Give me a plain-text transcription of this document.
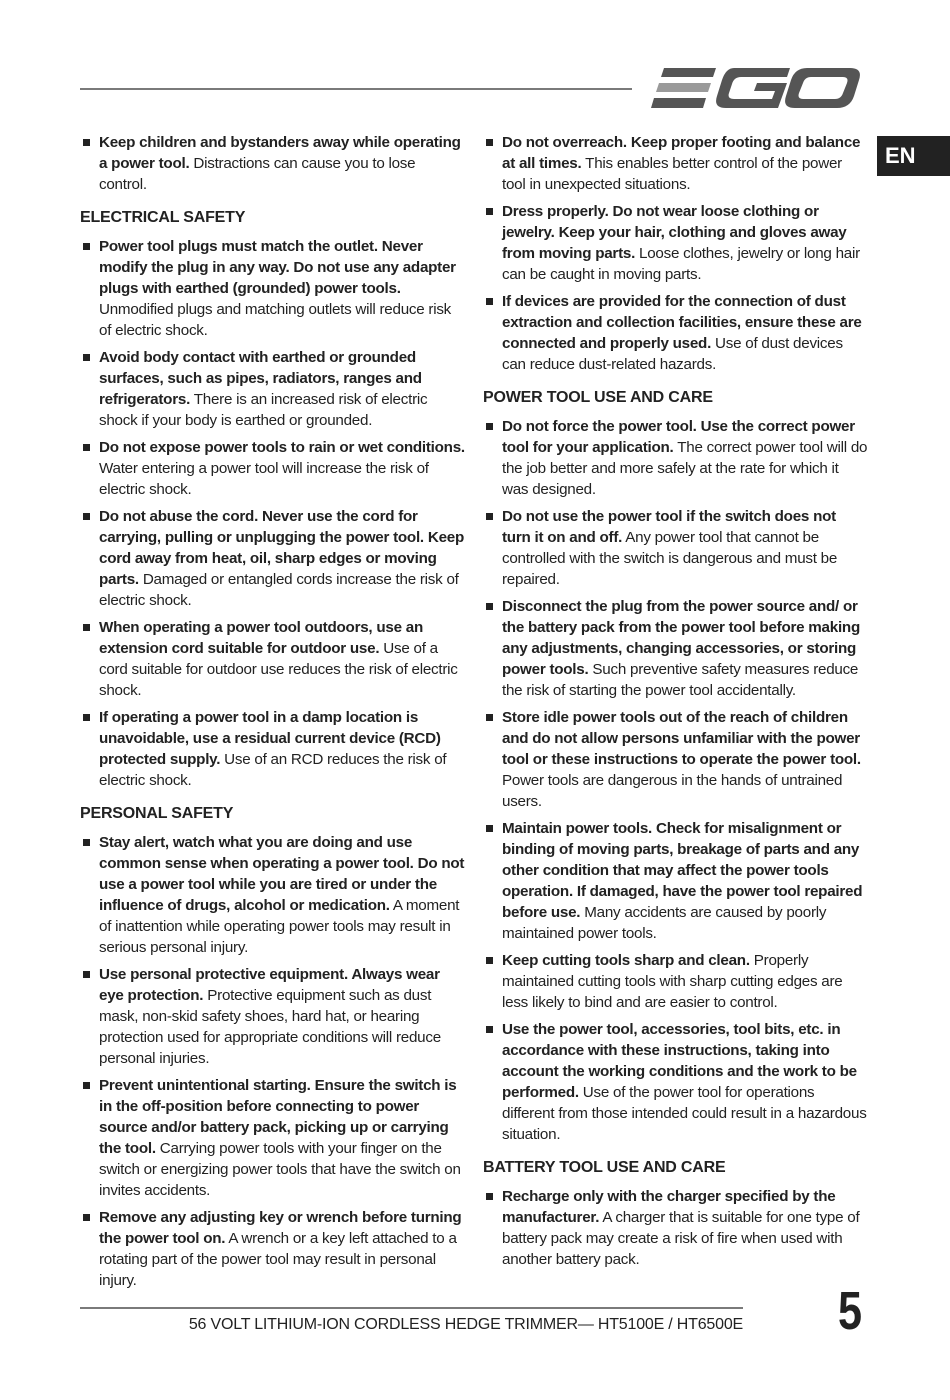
EN
Keep children and bystanders away while operating a power tool. Distractions can cause you to lose control.
ELECTRICAL SAFETY
Power tool plugs must match the outlet. Never modify the plug in any way. Do not use any adapter plugs with earthed (grounded) power tools. Unmodified plugs and matching outlets will reduce risk of electric shock.
Avoid body contact with earthed or grounded surfaces, such as pipes, radiators, ranges and refrigerators. There is an increased risk of electric shock if your body is earthed or grounded.
Do not expose power tools to rain or wet conditions. Water entering a power tool will increase the risk of electric shock.
Do not abuse the cord. Never use the cord for carrying, pulling or unplugging the power tool. Keep cord away from heat, oil, sharp edges or moving parts. Damaged or entangled cords increase the risk of electric shock.
When operating a power tool outdoors, use an extension cord suitable for outdoor use. Use of a cord suitable for outdoor use reduces the risk of electric shock.
If operating a power tool in a damp location is unavoidable, use a residual current device (RCD) protected supply. Use of an RCD reduces the risk of electric shock.
PERSONAL SAFETY
Stay alert, watch what you are doing and use common sense when operating a power tool. Do not use a power tool while you are tired or under the influence of drugs, alcohol or medication. A moment of inattention while operating power tools may result in serious personal injury.
Use personal protective equipment. Always wear eye protection. Protective equipment such as dust mask, non-skid safety shoes, hard hat, or hearing protection used for appropriate conditions will reduce personal injuries.
Prevent unintentional starting. Ensure the switch is in the off-position before connecting to power source and/or battery pack, picking up or carrying the tool. Carrying power tools with your finger on the switch or energizing power tools that have the switch on invites accidents.
Remove any adjusting key or wrench before turning the power tool on. A wrench or a key left attached to a rotating part of the power tool may result in personal injury.
Do not overreach. Keep proper footing and balance at all times. This enables better control of the power tool in unexpected situations.
Dress properly. Do not wear loose clothing or jewelry. Keep your hair, clothing and gloves away from moving parts. Loose clothes, jewelry or long hair can be caught in moving parts.
If devices are provided for the connection of dust extraction and collection facilities, ensure these are connected and properly used. Use of dust devices can reduce dust-related hazards.
POWER TOOL USE AND CARE
Do not force the power tool. Use the correct power tool for your application. The correct power tool will do the job better and more safely at the rate for which it was designed.
Do not use the power tool if the switch does not turn it on and off. Any power tool that cannot be controlled with the switch is dangerous and must be repaired.
Disconnect the plug from the power source and/ or the battery pack from the power tool before making any adjustments, changing accessories, or storing power tools. Such preventive safety measures reduce the risk of starting the power tool accidentally.
Store idle power tools out of the reach of children and do not allow persons unfamiliar with the power tool or these instructions to operate the power tool. Power tools are dangerous in the hands of untrained users.
Maintain power tools. Check for misalignment or binding of moving parts, breakage of parts and any other condition that may affect the power tools operation. If damaged, have the power tool repaired before use. Many accidents are caused by poorly maintained power tools.
Keep cutting tools sharp and clean. Properly maintained cutting tools with sharp cutting edges are less likely to bind and are easier to control.
Use the power tool, accessories, tool bits, etc. in accordance with these instructions, taking into account the working conditions and the work to be performed. Use of the power tool for operations different from those intended could result in a hazardous situation.
BATTERY TOOL USE AND CARE
Recharge only with the charger specified by the manufacturer. A charger that is suitable for one type of battery pack may create a risk of fire when used with another battery pack.
56 VOLT LITHIUM-ION CORDLESS HEDGE TRIMMER— HT5100E / HT6500E 5
